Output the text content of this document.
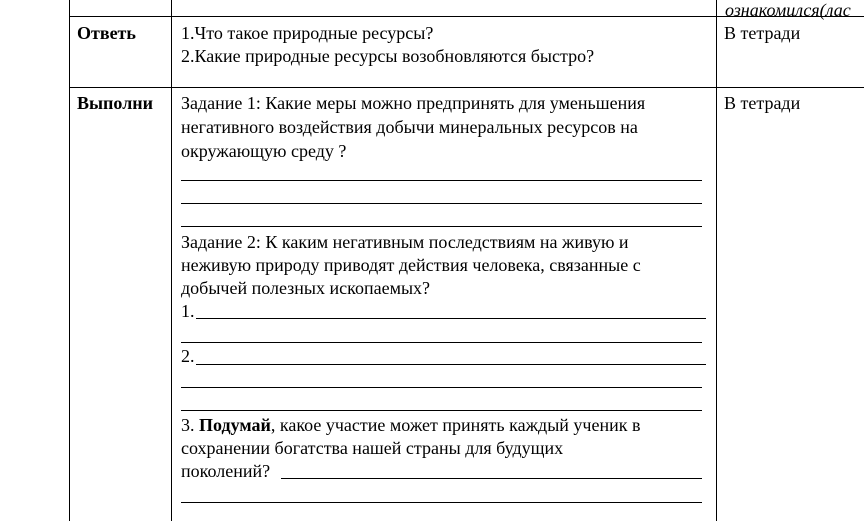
ознакомился(лас
Ответь	1.Что такое природные ресурсы?
2.Какие природные ресурсы возобновляются быстро?
В тетради
Выполни	В тетради
Задание 1: Какие меры можно предпринять для уменьшения
негативного воздействия добычи минеральных ресурсов на
окружающую среду ?
Задание 2: К каким негативным последствиям на живую и
неживую природу приводят действия человека, связанные с
добычей полезных ископаемых?
1.
2.
3. Подумай, какое участие может принять каждый ученик в
сохранении богатства нашей страны для будущих
поколений?
